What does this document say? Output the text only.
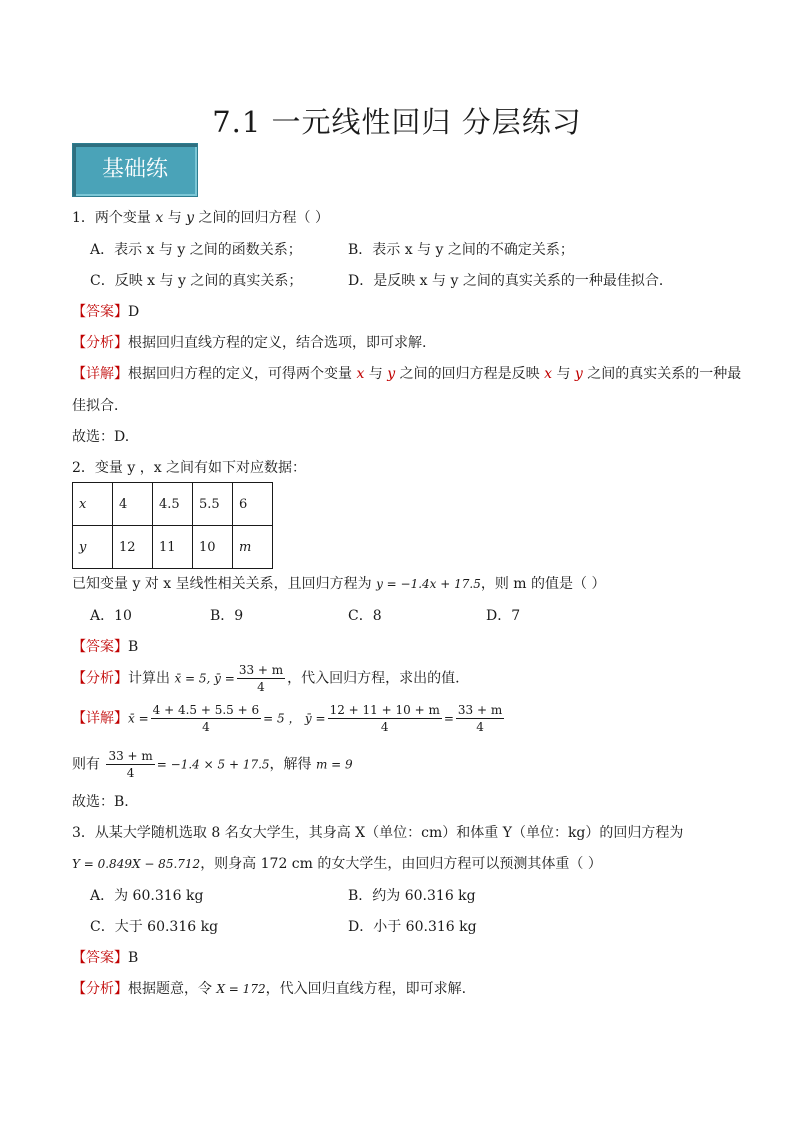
7.1 一元线性回归 分层练习
基础练
1．两个变量 x 与 y 之间的回归方程（ ）
A．表示 x 与 y 之间的函数关系；	B．表示 x 与 y 之间的不确定关系；
C．反映 x 与 y 之间的真实关系；	D．是反映 x 与 y 之间的真实关系的一种最佳拟合．
【答案】D
【分析】根据回归直线方程的定义，结合选项，即可求解.
【详解】根据回归方程的定义，可得两个变量 x 与 y 之间的回归方程是反映 x 与 y 之间的真实关系的一种最
佳拟合．
故选：D.
2．变量 y ，x 之间有如下对应数据：
x	4	4.5	5.5	6
y	12	11	10	m
已知变量 y 对 x 呈线性相关关系，且回归方程为 y = −1.4x + 17.5，则 m 的值是（ ）
A．10	B．9	C．8	D．7
【答案】B
【分析】计算出 x̄ = 5, ȳ = $\frac{33 + m}{4}$ ，代入回归方程，求出的值.
【详解】x̄ = $\frac{4 + 4.5 + 5.5 + 6}{4} = 5$ ， ȳ = $\frac{12 + 11 + 10 + m}{4} = \frac{33 + m}{4}$
则有 $\frac{33 + m}{4} = -1.4 \times 5 + 17.5$，解得 m = 9
故选：B.
3．从某大学随机选取 8 名女大学生，其身高 X（单位：cm）和体重 Y（单位：kg）的回归方程为
Y = 0.849X − 85.712，则身高 172 cm 的女大学生，由回归方程可以预测其体重（ ）
A．为 60.316 kg	B．约为 60.316 kg
C．大于 60.316 kg	D．小于 60.316 kg
【答案】B
【分析】根据题意，令 X = 172，代入回归直线方程，即可求解.
